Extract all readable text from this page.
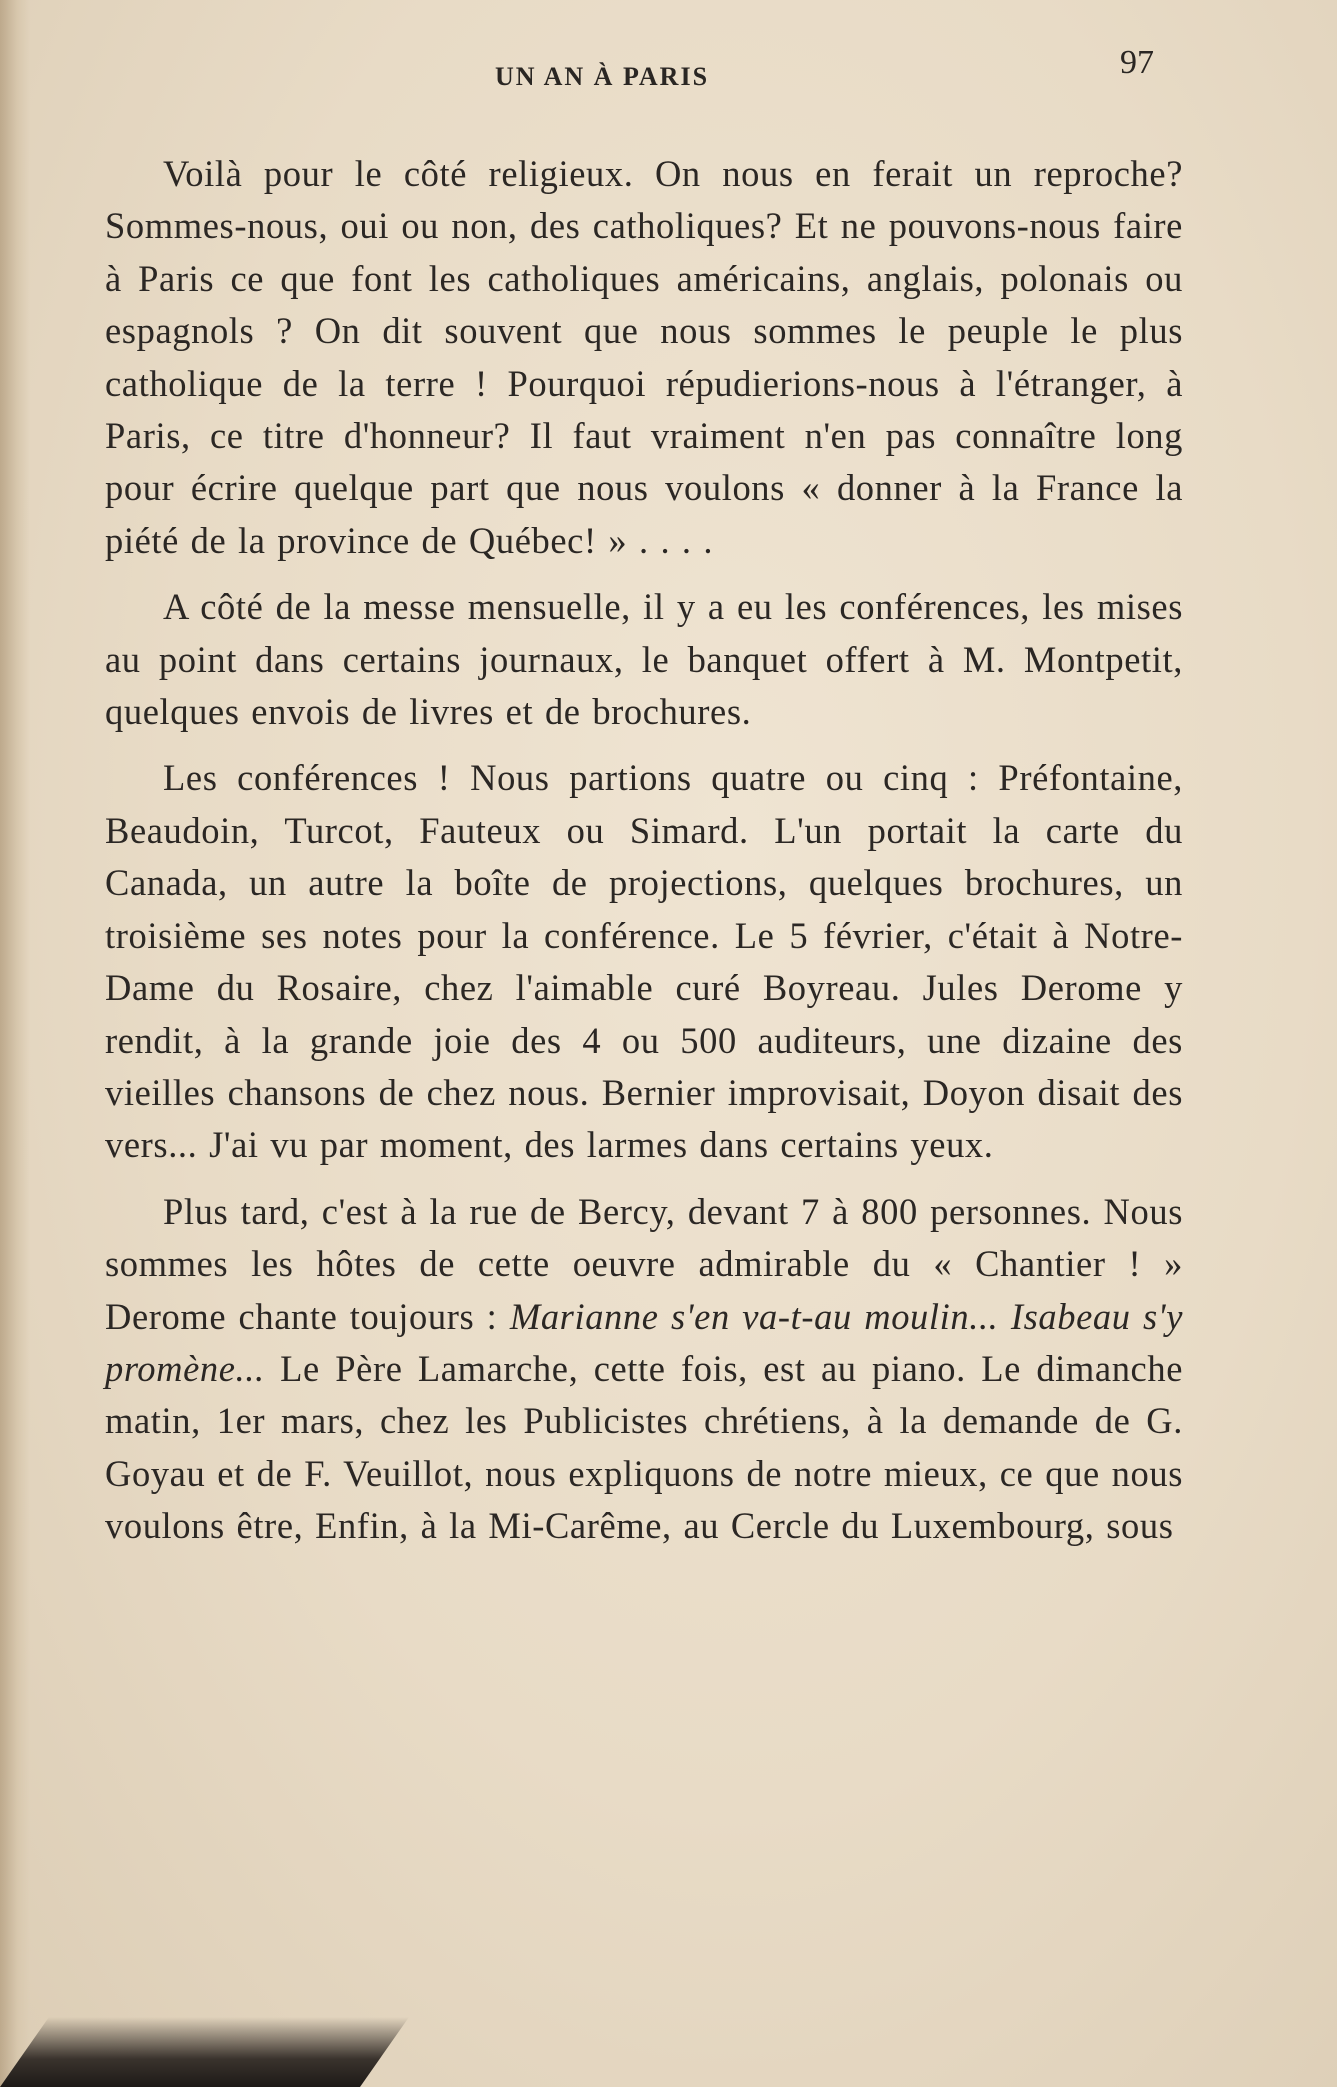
UN AN À PARIS	97

Voilà pour le côté religieux. On nous en ferait un reproche? Sommes-nous, oui ou non, des catholiques? Et ne pouvons-nous faire à Paris ce que font les catholiques américains, anglais, polonais ou espagnols ? On dit souvent que nous sommes le peuple le plus catholique de la terre ! Pourquoi répudierions-nous à l'étranger, à Paris, ce titre d'honneur? Il faut vraiment n'en pas connaître long pour écrire quelque part que nous voulons « donner à la France la piété de la province de Québec! » . . . .

A côté de la messe mensuelle, il y a eu les conférences, les mises au point dans certains journaux, le banquet offert à M. Montpetit, quelques envois de livres et de brochures.

Les conférences ! Nous partions quatre ou cinq : Préfontaine, Beaudoin, Turcot, Fauteux ou Simard. L'un portait la carte du Canada, un autre la boîte de projections, quelques brochures, un troisième ses notes pour la conférence. Le 5 février, c'était à Notre-Dame du Rosaire, chez l'aimable curé Boyreau. Jules Derome y rendit, à la grande joie des 4 ou 500 auditeurs, une dizaine des vieilles chansons de chez nous. Bernier improvisait, Doyon disait des vers... J'ai vu par moment, des larmes dans certains yeux.

Plus tard, c'est à la rue de Bercy, devant 7 à 800 personnes. Nous sommes les hôtes de cette oeuvre admirable du « Chantier ! » Derome chante toujours : Marianne s'en va-t-au moulin... Isabeau s'y promène... Le Père Lamarche, cette fois, est au piano. Le dimanche matin, 1er mars, chez les Publicistes chrétiens, à la demande de G. Goyau et de F. Veuillot, nous expliquons de notre mieux, ce que nous voulons être, Enfin, à la Mi-Carême, au Cercle du Luxembourg, sous
